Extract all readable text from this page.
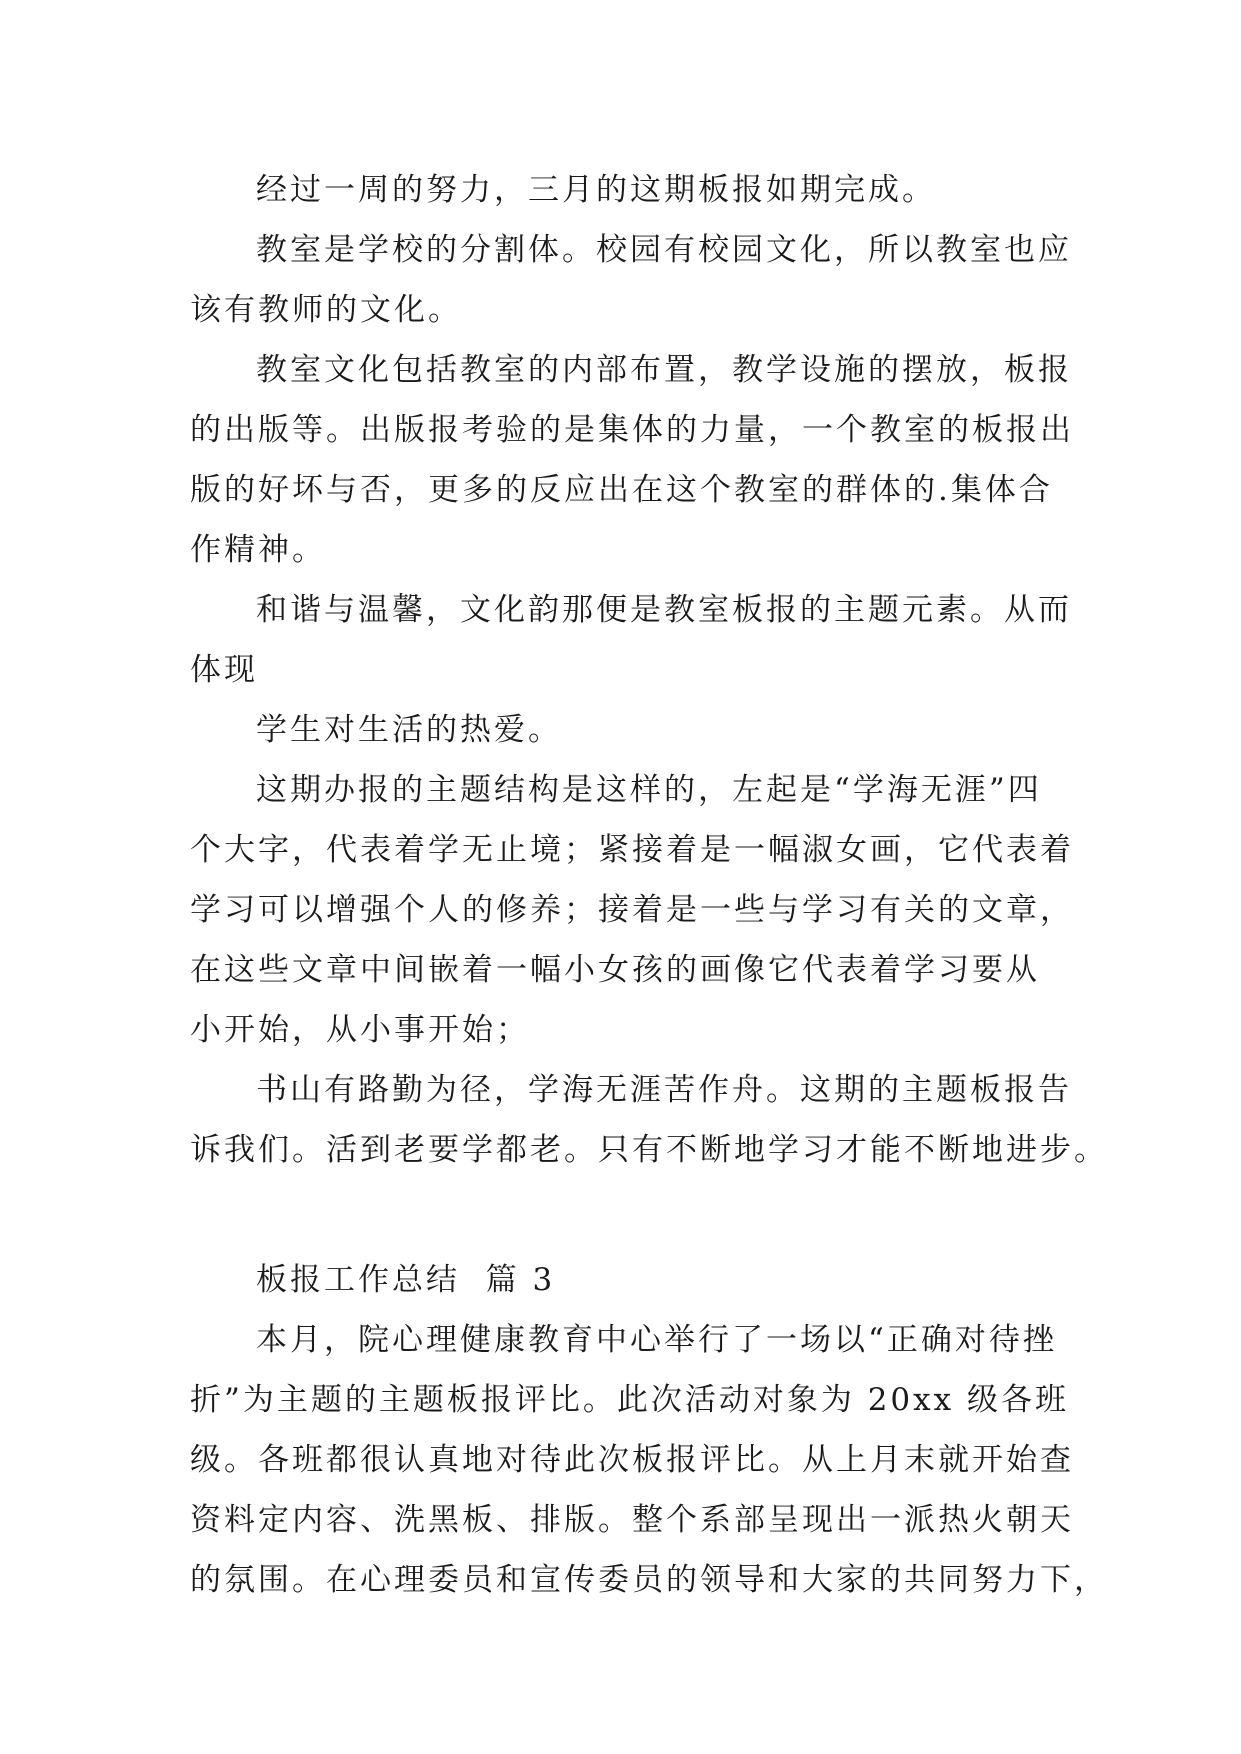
经过一周的努力，三月的这期板报如期完成。
教室是学校的分割体。校园有校园文化，所以教室也应
该有教师的文化。
教室文化包括教室的内部布置，教学设施的摆放，板报
的出版等。出版报考验的是集体的力量，一个教室的板报出
版的好坏与否，更多的反应出在这个教室的群体的.集体合
作精神。
和谐与温馨，文化韵那便是教室板报的主题元素。从而
体现
学生对生活的热爱。
这期办报的主题结构是这样的，左起是“学海无涯”四
个大字，代表着学无止境；紧接着是一幅淑女画，它代表着
学习可以增强个人的修养；接着是一些与学习有关的文章，
在这些文章中间嵌着一幅小女孩的画像它代表着学习要从
小开始，从小事开始；
书山有路勤为径，学海无涯苦作舟。这期的主题板报告
诉我们。活到老要学都老。只有不断地学习才能不断地进步。
板报工作总结  篇 3
本月，院心理健康教育中心举行了一场以“正确对待挫
折”为主题的主题板报评比。此次活动对象为 20xx 级各班
级。各班都很认真地对待此次板报评比。从上月末就开始查
资料定内容、洗黑板、排版。整个系部呈现出一派热火朝天
的氛围。在心理委员和宣传委员的领导和大家的共同努力下，
